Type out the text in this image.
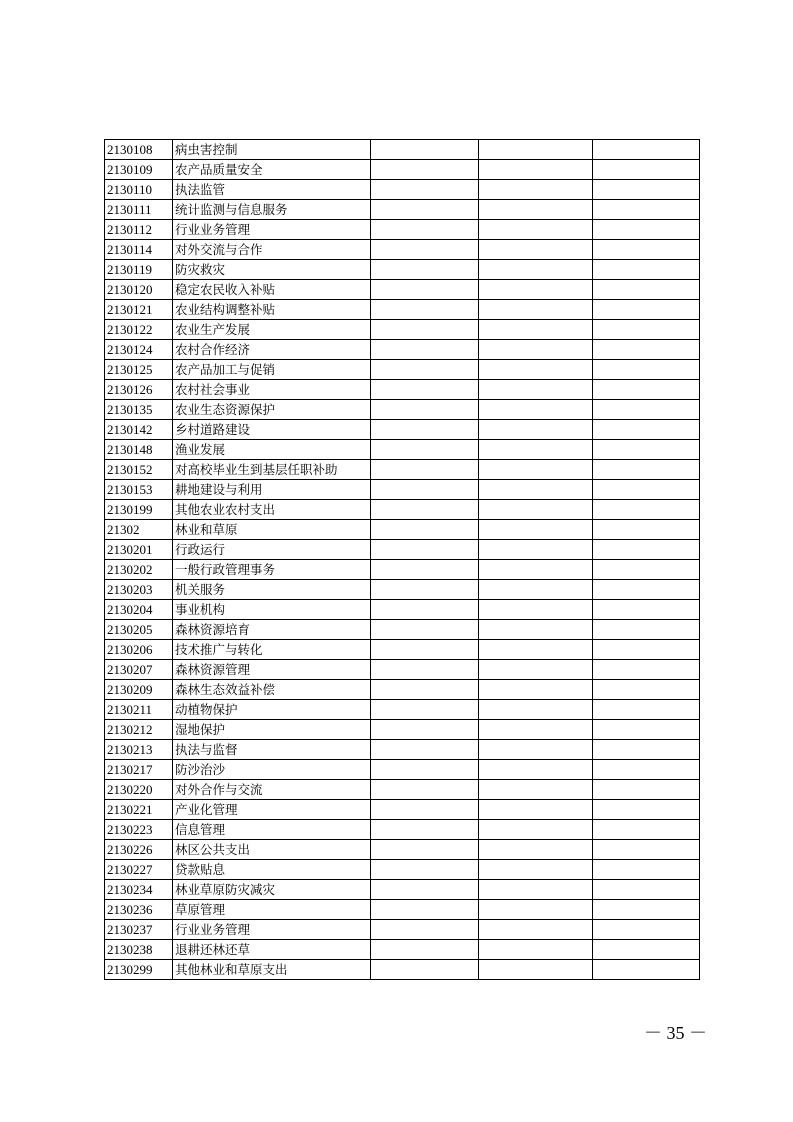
2130108	病虫害控制			
2130109	农产品质量安全			
2130110	执法监管			
2130111	统计监测与信息服务			
2130112	行业业务管理			
2130114	对外交流与合作			
2130119	防灾救灾			
2130120	稳定农民收入补贴			
2130121	农业结构调整补贴			
2130122	农业生产发展			
2130124	农村合作经济			
2130125	农产品加工与促销			
2130126	农村社会事业			
2130135	农业生态资源保护			
2130142	乡村道路建设			
2130148	渔业发展			
2130152	对高校毕业生到基层任职补助			
2130153	耕地建设与利用			
2130199	其他农业农村支出			
21302	林业和草原			
2130201	行政运行			
2130202	一般行政管理事务			
2130203	机关服务			
2130204	事业机构			
2130205	森林资源培育			
2130206	技术推广与转化			
2130207	森林资源管理			
2130209	森林生态效益补偿			
2130211	动植物保护			
2130212	湿地保护			
2130213	执法与监督			
2130217	防沙治沙			
2130220	对外合作与交流			
2130221	产业化管理			
2130223	信息管理			
2130226	林区公共支出			
2130227	贷款贴息			
2130234	林业草原防灾减灾			
2130236	草原管理			
2130237	行业业务管理			
2130238	退耕还林还草			
2130299	其他林业和草原支出			
－ 35 －
